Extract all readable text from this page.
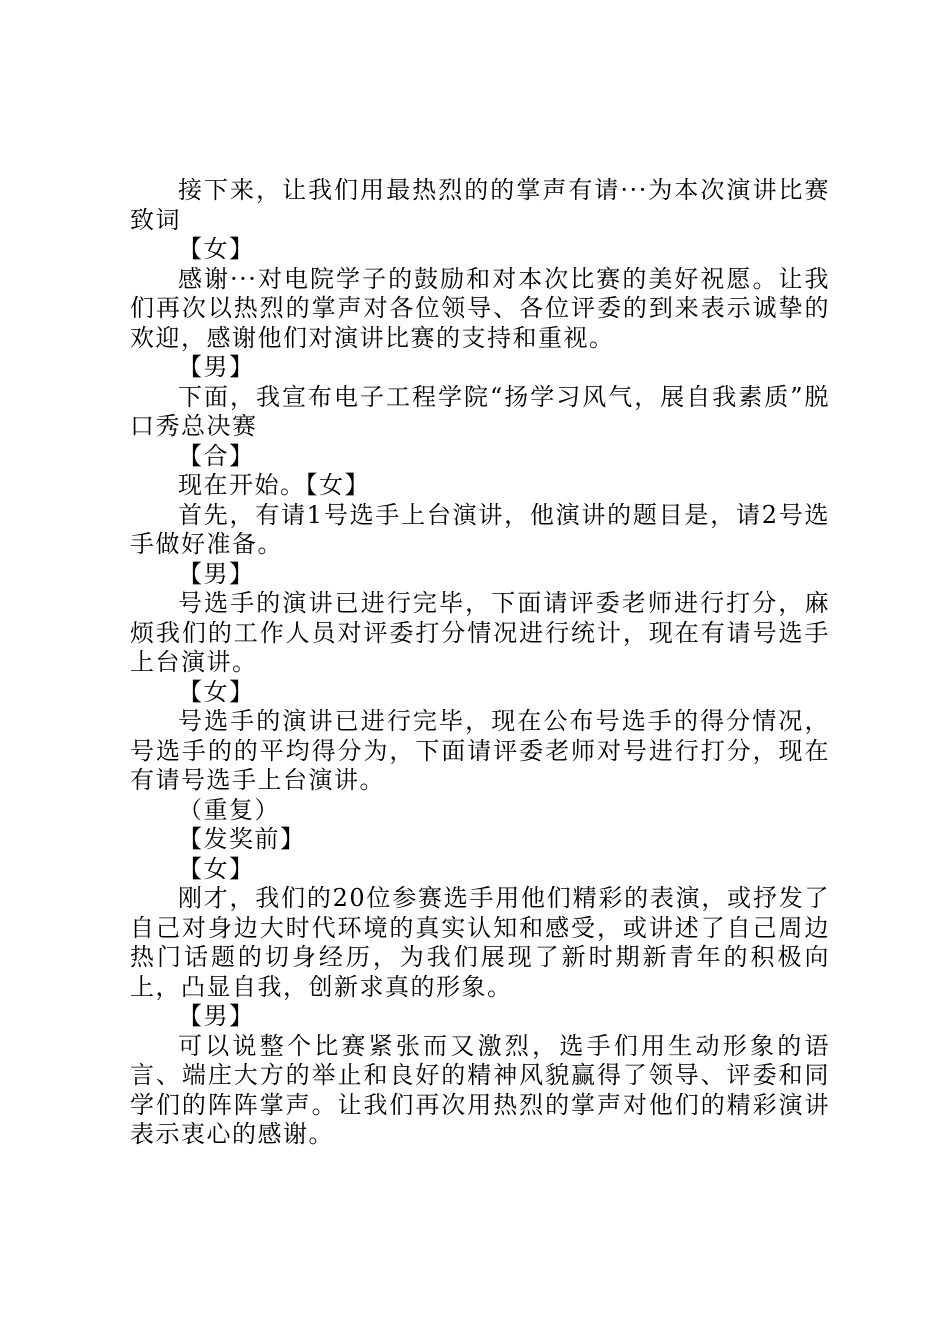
接下来，让我们用最热烈的的掌声有请···为本次演讲比赛致词

【女】

感谢···对电院学子的鼓励和对本次比赛的美好祝愿。让我们再次以热烈的掌声对各位领导、各位评委的到来表示诚挚的欢迎，感谢他们对演讲比赛的支持和重视。

【男】

下面，我宣布电子工程学院“扬学习风气，展自我素质”脱口秀总决赛

【合】

现在开始。【女】

首先，有请1号选手上台演讲，他演讲的题目是，请2号选手做好准备。

【男】

号选手的演讲已进行完毕，下面请评委老师进行打分，麻烦我们的工作人员对评委打分情况进行统计，现在有请号选手上台演讲。

【女】

号选手的演讲已进行完毕，现在公布号选手的得分情况，号选手的的平均得分为，下面请评委老师对号进行打分，现在有请号选手上台演讲。

（重复）

【发奖前】

【女】

刚才，我们的20位参赛选手用他们精彩的表演，或抒发了自己对身边大时代环境的真实认知和感受，或讲述了自己周边热门话题的切身经历，为我们展现了新时期新青年的积极向上，凸显自我，创新求真的形象。

【男】

可以说整个比赛紧张而又激烈，选手们用生动形象的语言、端庄大方的举止和良好的精神风貌赢得了领导、评委和同学们的阵阵掌声。让我们再次用热烈的掌声对他们的精彩演讲表示衷心的感谢。
